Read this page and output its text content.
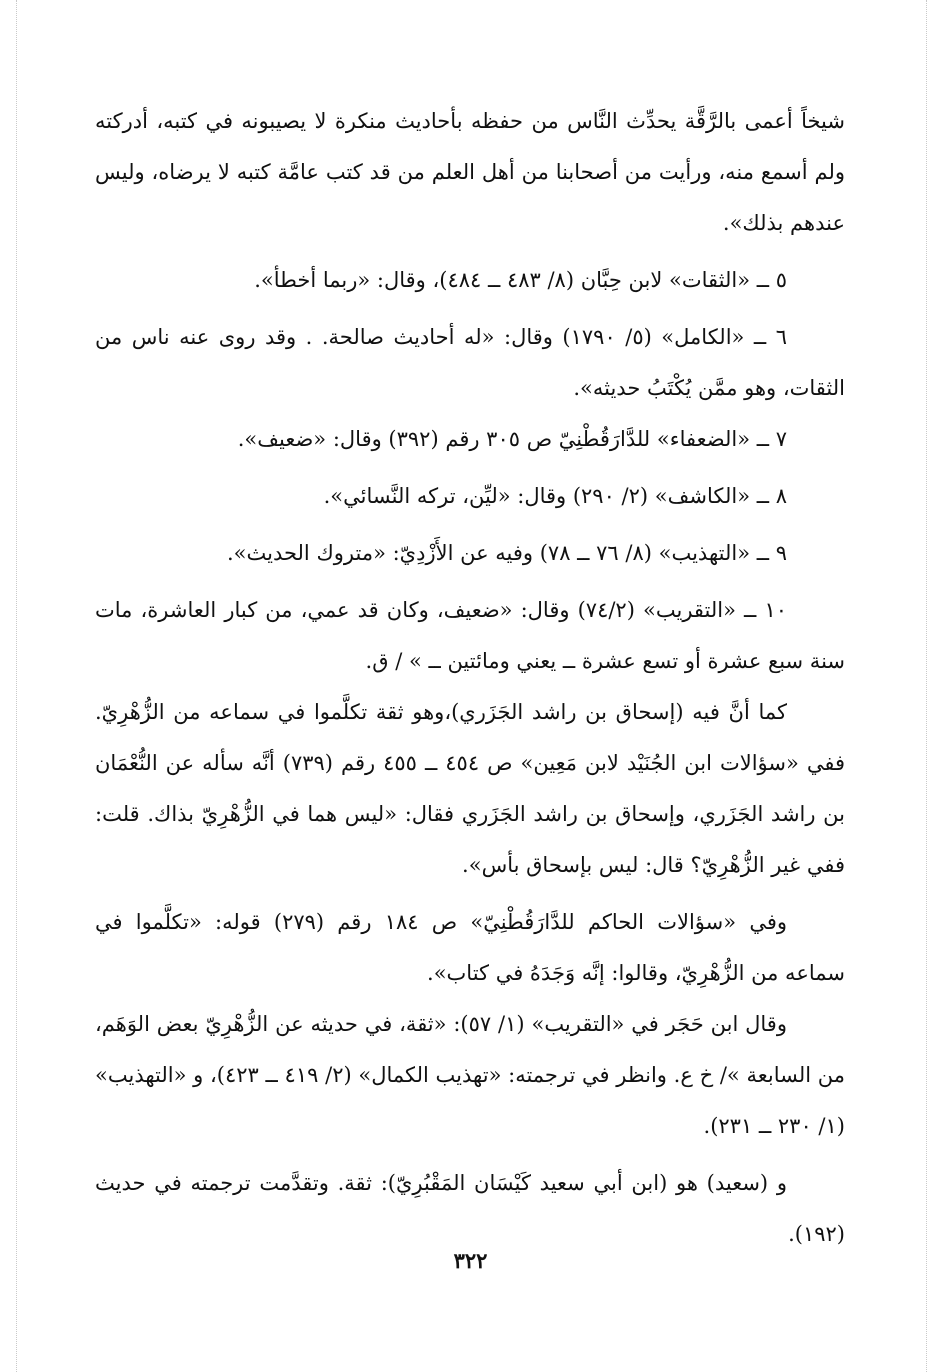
شيخاً أعمى بالرَّقَّة يحدِّث النَّاس من حفظه بأحاديث منكرة لا يصيبونه في كتبه، أدركته ولم أسمع منه، ورأيت من أصحابنا من أهل العلم من قد كتب عامَّة كتبه لا يرضاه، وليس عندهم بذلك».

٥ ــ «الثقات» لابن حِبَّان (٨/ ٤٨٣ ــ ٤٨٤)، وقال: «ربما أخطأ».

٦ ــ «الكامل» (٥/ ١٧٩٠) وقال: «له أحاديث صالحة. . وقد روى عنه ناس من الثقات، وهو ممَّن يُكْتَبُ حديثه».

٧ ــ «الضعفاء» للدَّارَقُطْنِيّ ص ٣٠٥ رقم (٣٩٢) وقال: «ضعيف».

٨ ــ «الكاشف» (٢/ ٢٩٠) وقال: «ليِّن، تركه النَّسائي».

٩ ــ «التهذيب» (٨/ ٧٦ ــ ٧٨) وفيه عن الأَزْدِيّ: «متروك الحديث».

١٠ ــ «التقريب» (٧٤/٢) وقال: «ضعيف، وكان قد عمي، من كبار العاشرة، مات سنة سبع عشرة أو تسع عشرة ــ يعني ومائتين ــ » / ق.

كما أنَّ فيه (إسحاق بن راشد الجَزَري)،وهو ثقة تكلَّموا في سماعه من الزُّهْرِيّ. ففي «سؤالات ابن الجُنَيْد لابن مَعِين» ص ٤٥٤ ــ ٤٥٥ رقم (٧٣٩) أنَّه سأله عن النُّعْمَان بن راشد الجَزَري، وإسحاق بن راشد الجَزَري فقال: «ليس هما في الزُّهْرِيّ بذاك. قلت: ففي غير الزُّهْرِيّ؟ قال: ليس بإسحاق بأس».

وفي «سؤالات الحاكم للدَّارَقُطْنِيّ» ص ١٨٤ رقم (٢٧٩) قوله: «تكلَّموا في سماعه من الزُّهْرِيّ، وقالوا: إنَّه وَجَدَهُ في كتاب».

وقال ابن حَجَر في «التقريب» (١/ ٥٧): «ثقة، في حديثه عن الزُّهْرِيّ بعض الوَهَم، من السابعة »/ خ ع. وانظر في ترجمته: «تهذيب الكمال» (٢/ ٤١٩ ــ ٤٢٣)، و «التهذيب» (١/ ٢٣٠ ــ ٢٣١).

و (سعيد) هو (ابن أبي سعيد كَيْسَان المَقْبُرِيّ): ثقة. وتقدَّمت ترجمته في حديث (١٩٢).

٣٢٢
